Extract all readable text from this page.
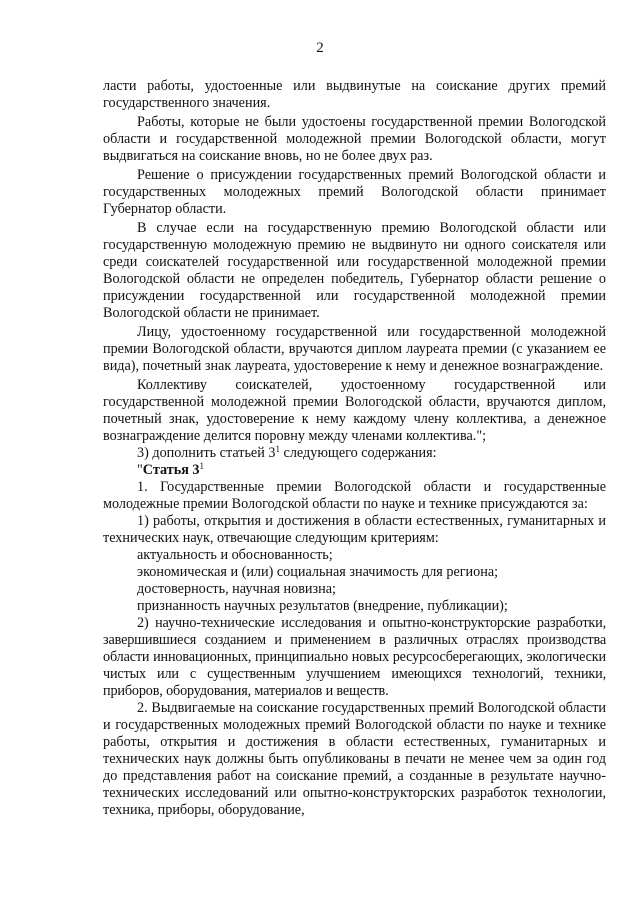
2

ласти работы, удостоенные или выдвинутые на соискание других премий государственного значения.

Работы, которые не были удостоены государственной премии Вологодской области и государственной молодежной премии Вологодской области, могут выдвигаться на соискание вновь, но не более двух раз.

Решение о присуждении государственных премий Вологодской области и государственных молодежных премий Вологодской области принимает Губернатор области.

В случае если на государственную премию Вологодской области или государственную молодежную премию не выдвинуто ни одного соискателя или среди соискателей государственной или государственной молодежной премии Вологодской области не определен победитель, Губернатор области решение о присуждении государственной или государственной молодежной премии Вологодской области не принимает.

Лицу, удостоенному государственной или государственной молодежной премии Вологодской области, вручаются диплом лауреата премии (с указанием ее вида), почетный знак лауреата, удостоверение к нему и денежное вознаграждение.

Коллективу соискателей, удостоенному государственной или государственной молодежной премии Вологодской области, вручаются диплом, почетный знак, удостоверение к нему каждому члену коллектива, а денежное вознаграждение делится поровну между членами коллектива.";

3) дополнить статьей $3^1$ следующего содержания:

"Статья $3^1$

1. Государственные премии Вологодской области и государственные молодежные премии Вологодской области по науке и технике присуждаются за:

1) работы, открытия и достижения в области естественных, гуманитарных и технических наук, отвечающие следующим критериям:

актуальность и обоснованность;

экономическая и (или) социальная значимость для региона;

достоверность, научная новизна;

признанность научных результатов (внедрение, публикации);

2) научно-технические исследования и опытно-конструкторские разработки, завершившиеся созданием и применением в различных отраслях производства области инновационных, принципиально новых ресурсосберегающих, экологически чистых или с существенным улучшением имеющихся технологий, техники, приборов, оборудования, материалов и веществ.

2. Выдвигаемые на соискание государственных премий Вологодской области и государственных молодежных премий Вологодской области по науке и технике работы, открытия и достижения в области естественных, гуманитарных и технических наук должны быть опубликованы в печати не менее чем за один год до представления работ на соискание премий, а созданные в результате научно-технических исследований или опытно-конструкторских разработок технологии, техника, приборы, оборудование,
